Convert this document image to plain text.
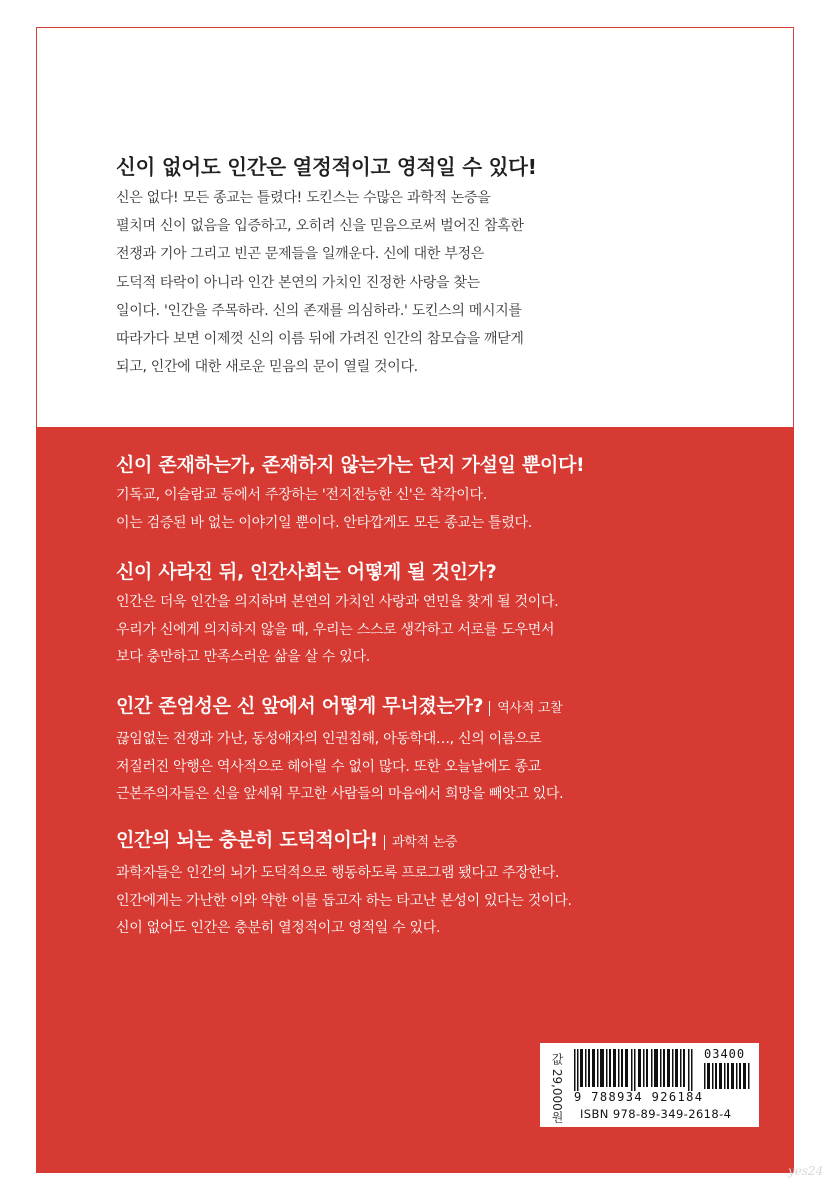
신이 없어도 인간은 열정적이고 영적일 수 있다!
신은 없다! 모든 종교는 틀렸다! 도킨스는 수많은 과학적 논증을
펼치며 신이 없음을 입증하고, 오히려 신을 믿음으로써 벌어진 참혹한
전쟁과 기아 그리고 빈곤 문제들을 일깨운다. 신에 대한 부정은
도덕적 타락이 아니라 인간 본연의 가치인 진정한 사랑을 찾는
일이다. '인간을 주목하라. 신의 존재를 의심하라.' 도킨스의 메시지를
따라가다 보면 이제껏 신의 이름 뒤에 가려진 인간의 참모습을 깨닫게
되고, 인간에 대한 새로운 믿음의 문이 열릴 것이다.
신이 존재하는가, 존재하지 않는가는 단지 가설일 뿐이다!
기독교, 이슬람교 등에서 주장하는 '전지전능한 신'은 착각이다.
이는 검증된 바 없는 이야기일 뿐이다. 안타깝게도 모든 종교는 틀렸다.
신이 사라진 뒤, 인간사회는 어떻게 될 것인가?
인간은 더욱 인간을 의지하며 본연의 가치인 사랑과 연민을 찾게 될 것이다.
우리가 신에게 의지하지 않을 때, 우리는 스스로 생각하고 서로를 도우면서
보다 충만하고 만족스러운 삶을 살 수 있다.
인간 존엄성은 신 앞에서 어떻게 무너졌는가? 역사적 고찰
끊임없는 전쟁과 가난, 동성애자의 인권침해, 아동학대…, 신의 이름으로
저질러진 악행은 역사적으로 헤아릴 수 없이 많다. 또한 오늘날에도 종교
근본주의자들은 신을 앞세워 무고한 사람들의 마음에서 희망을 빼앗고 있다.
인간의 뇌는 충분히 도덕적이다! 과학적 논증
과학자들은 인간의 뇌가 도덕적으로 행동하도록 프로그램 됐다고 주장한다.
인간에게는 가난한 이와 약한 이를 돕고자 하는 타고난 본성이 있다는 것이다.
신이 없어도 인간은 충분히 열정적이고 영적일 수 있다.
값 29,000원	03400
9 788934 926184
ISBN 978-89-349-2618-4
yes24
